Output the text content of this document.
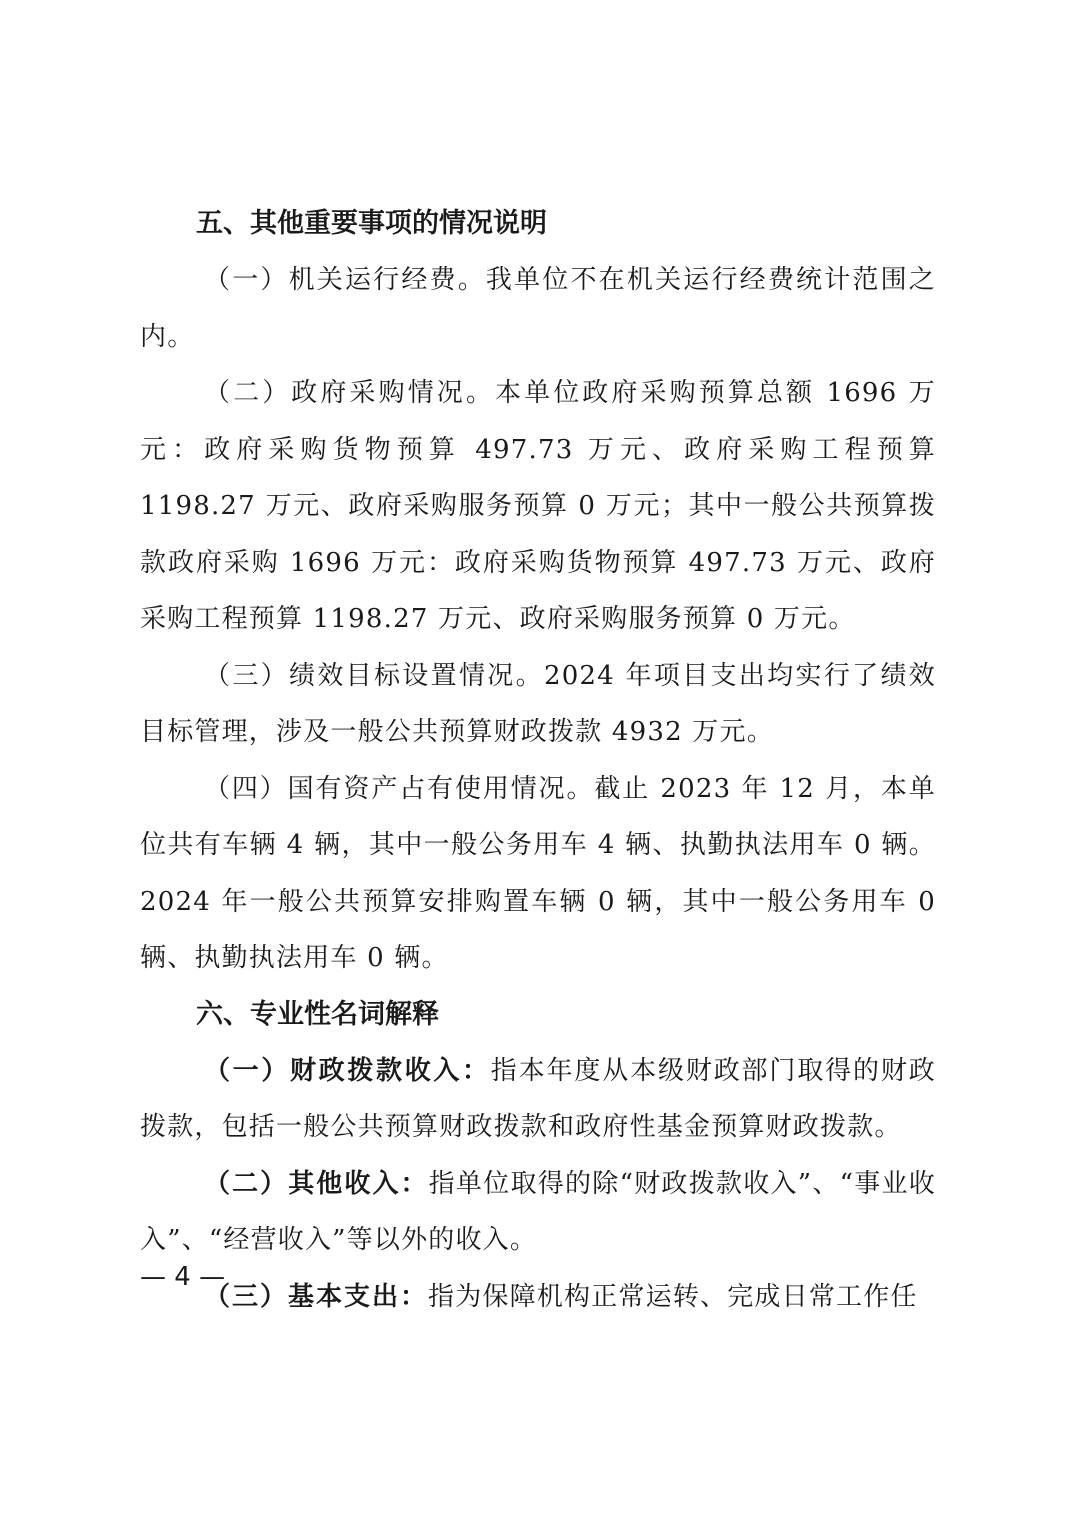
五、其他重要事项的情况说明

（一）机关运行经费。我单位不在机关运行经费统计范围之内。

（二）政府采购情况。本单位政府采购预算总额 1696 万元：政府采购货物预算 497.73 万元、政府采购工程预算 1198.27 万元、政府采购服务预算 0 万元；其中一般公共预算拨款政府采购 1696 万元：政府采购货物预算 497.73 万元、政府采购工程预算 1198.27 万元、政府采购服务预算 0 万元。

（三）绩效目标设置情况。2024 年项目支出均实行了绩效目标管理，涉及一般公共预算财政拨款 4932 万元。

（四）国有资产占有使用情况。截止 2023 年 12 月，本单位共有车辆 4 辆，其中一般公务用车 4 辆、执勤执法用车 0 辆。2024 年一般公共预算安排购置车辆 0 辆，其中一般公务用车 0 辆、执勤执法用车 0 辆。

六、专业性名词解释

（一）财政拨款收入：指本年度从本级财政部门取得的财政拨款，包括一般公共预算财政拨款和政府性基金预算财政拨款。

（二）其他收入：指单位取得的除“财政拨款收入”、“事业收入”、“经营收入”等以外的收入。

（三）基本支出：指为保障机构正常运转、完成日常工作任

— 4 —
